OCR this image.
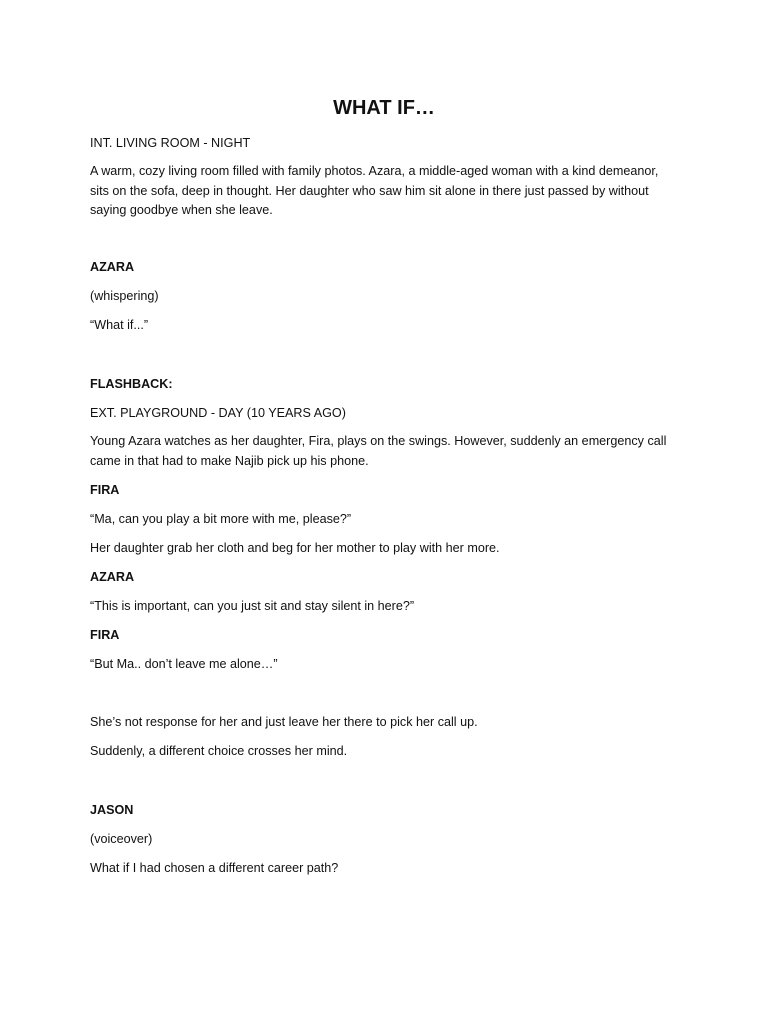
WHAT IF…

INT. LIVING ROOM - NIGHT

A warm, cozy living room filled with family photos. Azara, a middle-aged woman with a kind demeanor, sits on the sofa, deep in thought. Her daughter who saw him sit alone in there just passed by without saying goodbye when she leave.

AZARA

(whispering)

“What if...”

FLASHBACK:

EXT. PLAYGROUND - DAY (10 YEARS AGO)

Young Azara watches as her daughter, Fira, plays on the swings. However, suddenly an emergency call came in that had to make Najib pick up his phone.

FIRA

“Ma, can you play a bit more with me, please?”

Her daughter grab her cloth and beg for her mother to play with her more.

AZARA

“This is important, can you just sit and stay silent in here?”

FIRA

“But Ma.. don’t leave me alone…”

She’s not response for her and just leave her there to pick her call up.

Suddenly, a different choice crosses her mind.

JASON

(voiceover)

What if I had chosen a different career path?
